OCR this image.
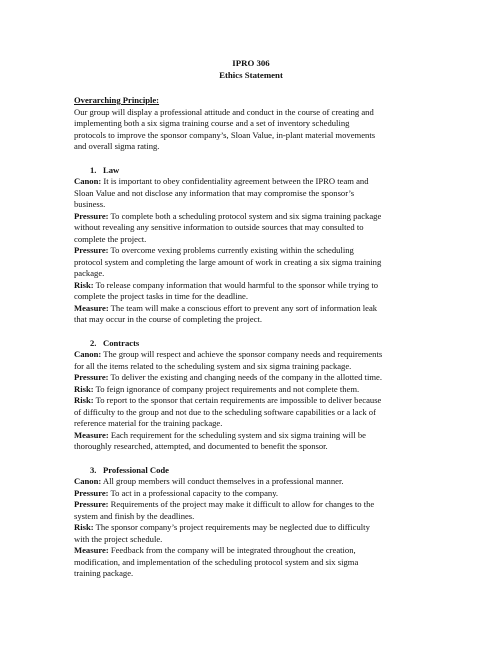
IPRO 306

Ethics Statement

Overarching Principle:
Our group will display a professional attitude and conduct in the course of creating and
implementing both a six sigma training course and a set of inventory scheduling
protocols to improve the sponsor company’s, Sloan Value, in-plant material movements
and overall sigma rating.
1. Law
Canon: It is important to obey confidentiality agreement between the IPRO team and
Sloan Value and not disclose any information that may compromise the sponsor’s
business.
Pressure: To complete both a scheduling protocol system and six sigma training package
without revealing any sensitive information to outside sources that may consulted to
complete the project.
Pressure: To overcome vexing problems currently existing within the scheduling
protocol system and completing the large amount of work in creating a six sigma training
package.
Risk: To release company information that would harmful to the sponsor while trying to
complete the project tasks in time for the deadline.
Measure: The team will make a conscious effort to prevent any sort of information leak
that may occur in the course of completing the project.
2. Contracts
Canon: The group will respect and achieve the sponsor company needs and requirements
for all the items related to the scheduling system and six sigma training package.
Pressure: To deliver the existing and changing needs of the company in the allotted time.
Risk: To feign ignorance of company project requirements and not complete them.
Risk: To report to the sponsor that certain requirements are impossible to deliver because
of difficulty to the group and not due to the scheduling software capabilities or a lack of
reference material for the training package.
Measure: Each requirement for the scheduling system and six sigma training will be
thoroughly researched, attempted, and documented to benefit the sponsor.
3. Professional Code
Canon: All group members will conduct themselves in a professional manner.
Pressure: To act in a professional capacity to the company.
Pressure: Requirements of the project may make it difficult to allow for changes to the
system and finish by the deadlines.
Risk: The sponsor company’s project requirements may be neglected due to difficulty
with the project schedule.
Measure: Feedback from the company will be integrated throughout the creation,
modification, and implementation of the scheduling protocol system and six sigma
training package.
